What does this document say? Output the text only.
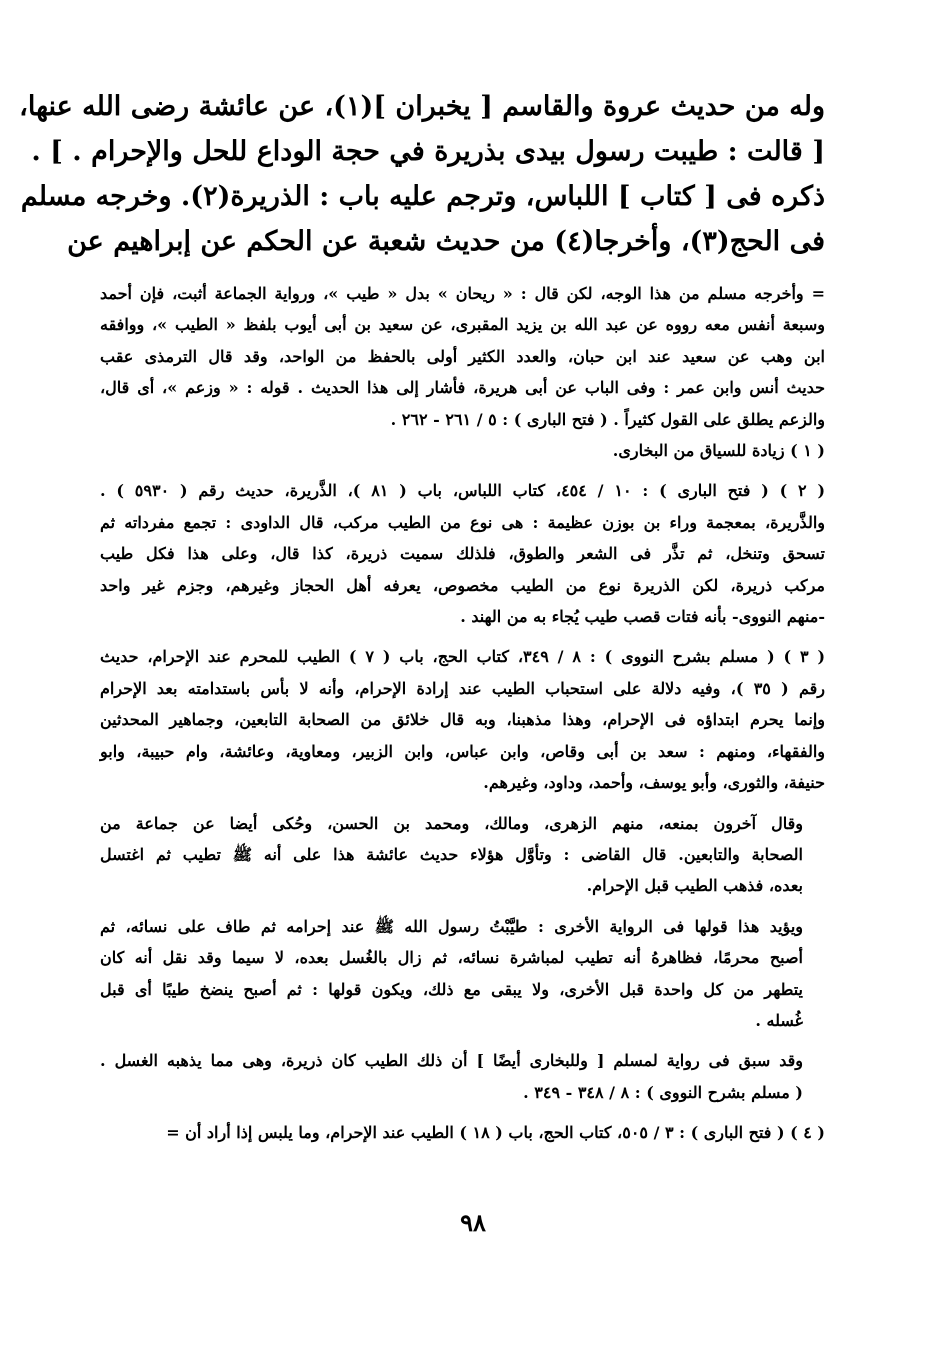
وله من حديث عروة والقاسم [ يخبران ](١)، عن عائشة رضى الله عنها،

[ قالت : طيبت رسول بيدى بذريرة في حجة الوداع للحل والإحرام . ] .

ذكره فى [ كتاب ] اللباس، وترجم عليه باب : الذريرة(٢). وخرجه مسلم

فى الحج(٣)، وأخرجا(٤) من حديث شعبة عن الحكم عن إبراهيم عن

= وأخرجه مسلم من هذا الوجه، لكن قال : « ريحان » بدل « طيب »، ورواية الجماعة أثبت، فإن أحمد
وسبعة أنفس معه رووه عن عبد الله بن يزيد المقبرى، عن سعيد بن أبى أيوب بلفظ « الطيب »، ووافقه
ابن وهب عن سعيد عند ابن حبان، والعدد الكثير أولى بالحفظ من الواحد، وقد قال الترمذى عقب
حديث أنس وابن عمر : وفى الباب عن أبى هريرة، فأشار إلى هذا الحديث . قوله : « وزعم »، أى قال،
والزعم يطلق على القول كثيراً . ( فتح البارى ) : ٥ / ٢٦١ - ٢٦٢ .
( ١ ) زيادة للسياق من البخارى.
( ٢ ) ( فتح البارى ) : ١٠ / ٤٥٤، كتاب اللباس، باب ( ٨١ )، الذَّريرة، حديث رقم ( ٥٩٣٠ ) .
والذَّريرة، بمعجمة وراء بن بوزن عظيمة : هى نوع من الطيب مركب، قال الداودى : تجمع مفرداته ثم
تسحق وتنخل، ثم تذَّر فى الشعر والطوق، فلذلك سميت ذريرة، كذا قال، وعلى هذا فكل طيب
مركب ذريرة، لكن الذريرة نوع من الطيب مخصوص، يعرفه أهل الحجاز وغيرهم، وجزم غير واحد
-منهم النووى- بأنه فتات قصب طيب يُجاء به من الهند .
( ٣ ) ( مسلم بشرح النووى ) : ٨ / ٣٤٩، كتاب الحج، باب ( ٧ ) الطيب للمحرم عند الإحرام، حديث
رقم ( ٣٥ )، وفيه دلالة على استحباب الطيب عند إرادة الإحرام، وأنه لا بأس باستدامته بعد الإحرام
وإنما يحرم ابتداؤه فى الإحرام، وهذا مذهبنا، وبه قال خلائق من الصحابة التابعين، وجماهير المحدثين
والفقهاء، ومنهم : سعد بن أبى وقاص، وابن عباس، وابن الزبير، ومعاوية، وعائشة، وام حبيبة، وابو
حنيفة، والثورى، وأبو يوسف، وأحمد، وداود، وغيرهم.
وقال آخرون بمنعه، منهم الزهرى، ومالك، ومحمد بن الحسن، وحُكى أيضا عن جماعة من
الصحابة والتابعين. قال القاضى : وتأوَّل هؤلاء حديث عائشة هذا على أنه ﷺ تطيب ثم اغتسل
بعده، فذهب الطيب قبل الإحرام.
ويؤيد هذا قولها فى الرواية الأخرى : طيَّبْتُ رسول الله ﷺ عند إحرامه ثم طاف على نسائه، ثم
أصبح محرمًا، فظاهرهُ أنه تطيب لمباشرة نسائه، ثم زال بالغُسل بعده، لا سيما وقد نقل أنه كان
يتطهر من كل واحدة قبل الأخرى، ولا يبقى مع ذلك، ويكون قولها : ثم أصبح ينضخ طيبًا أى قبل
غُسله .
وقد سبق فى رواية لمسلم [ وللبخارى أيضًا ] أن ذلك الطيب كان ذريرة، وهى مما يذهبه الغسل .
( مسلم بشرح النووى ) : ٨ / ٣٤٨ - ٣٤٩ .
( ٤ ) ( فتح البارى ) : ٣ / ٥٠٥، كتاب الحج، باب ( ١٨ ) الطيب عند الإحرام، وما يلبس إذا أراد أن =
٩٨
